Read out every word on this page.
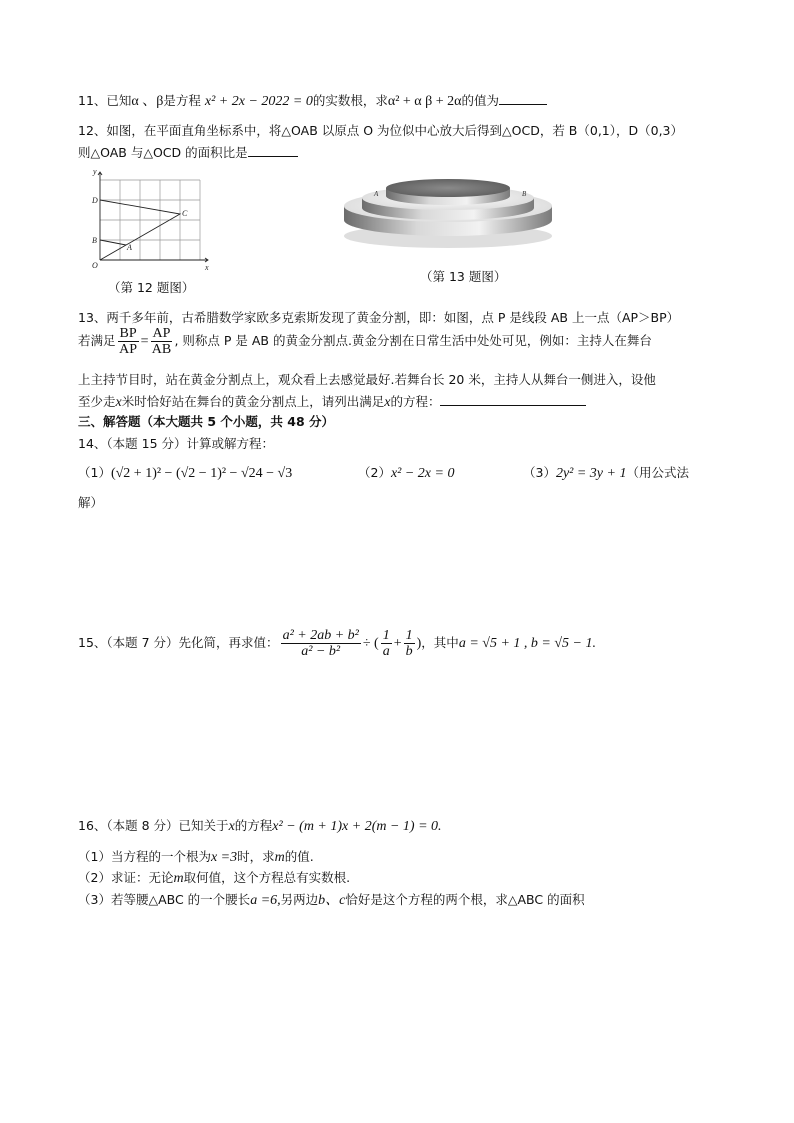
11、已知α 、β是方程 x² + 2x − 2022 = 0的实数根，求α² + α β + 2α的值为
12、如图，在平面直角坐标系中，将△OAB 以原点 O 为位似中心放大后得到△OCD，若 B（0,1），D（0,3）
则△OAB 与△OCD 的面积比是
y
x
O
D
C
B
A
（第 12 题图）
A	B
（第 13 题图）
13、两千多年前，古希腊数学家欧多克索斯发现了黄金分割，即：如图，点 P 是线段 AB 上一点（AP＞BP）
若满足 $\frac{BP}{AP} = \frac{AP}{AB}$ , 则称点 P 是 AB 的黄金分割点.黄金分割在日常生活中处处可见，例如：主持人在舞台
上主持节目时，站在黄金分割点上，观众看上去感觉最好.若舞台长 20 米，主持人从舞台一侧进入，设他
至少走x米时恰好站在舞台的黄金分割点上，请列出满足x的方程：
三、解答题（本大题共 5 个小题，共 48 分）
14、（本题 15 分）计算或解方程：
（1）(√2 + 1)² − (√2 − 1)² − √24 − √3	（2）x² − 2x = 0	（3）2y² = 3y + 1（用公式法
解）
15、（本题 7 分）先化简，再求值： $\frac{\text{a² + 2ab + b²}}{\text{a² − b²}}$ ÷ ( $\frac{1}{a} + \frac{1}{b}$ )，其中a = √5 + 1 , b = √5 − 1.
16、（本题 8 分）已知关于x的方程x² − (m + 1)x + 2(m − 1) = 0.
（1）当方程的一个根为x =3时，求m的值.
（2）求证：无论m取何值，这个方程总有实数根.
（3）若等腰△ABC 的一个腰长a =6,另两边b、c恰好是这个方程的两个根，求△ABC 的面积
